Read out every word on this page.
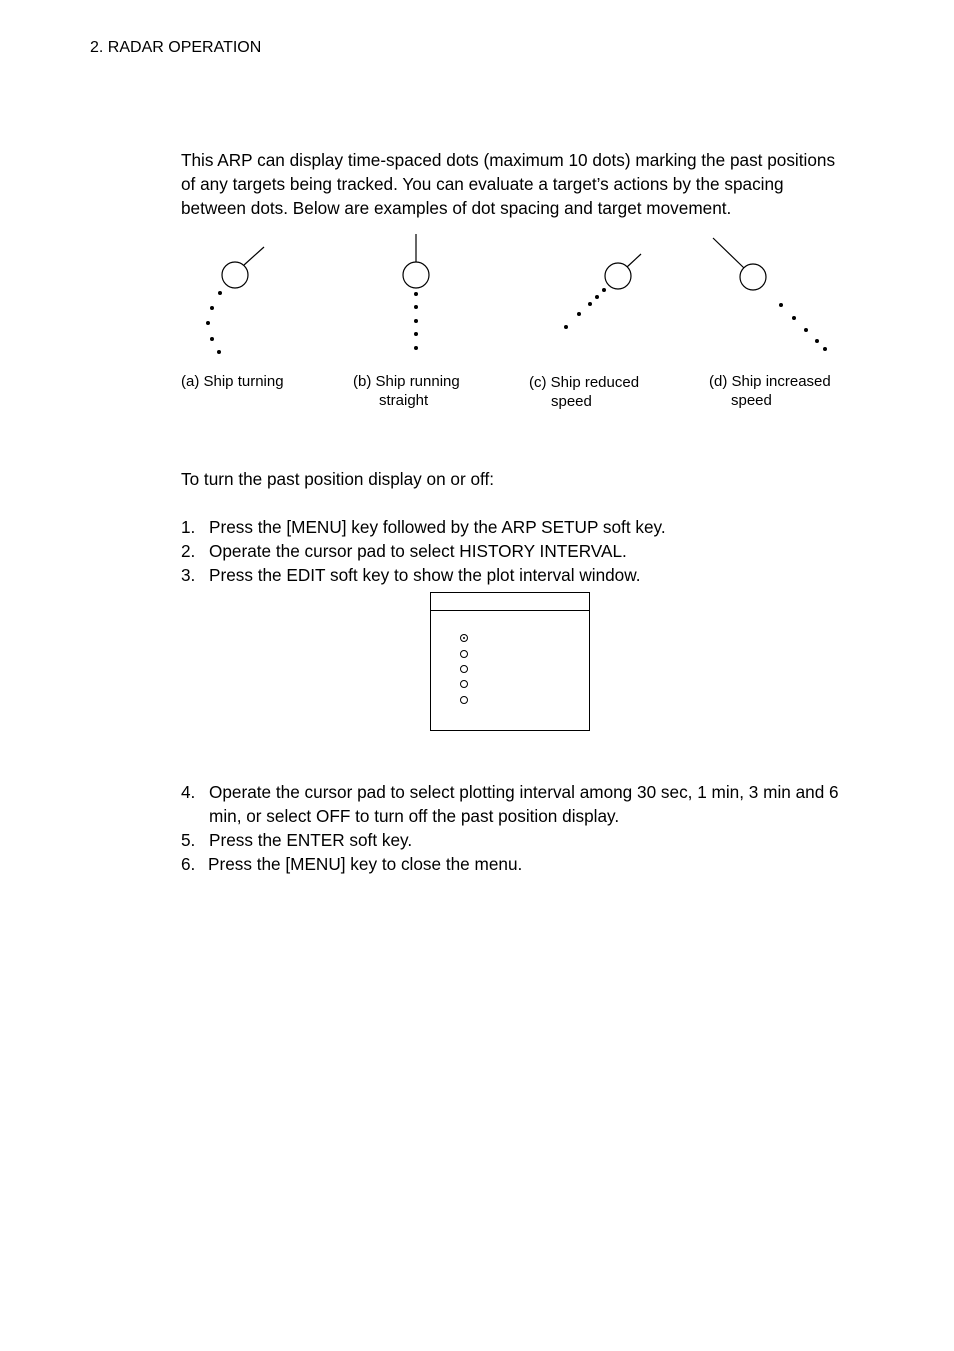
2. RADAR OPERATION
This ARP can display time-spaced dots (maximum 10 dots) marking the past positions of any targets being tracked. You can evaluate a target’s actions by the spacing between dots. Below are examples of dot spacing and target movement.
(a) Ship turning	(b) Ship running
straight
(c) Ship reduced
speed
(d) Ship increased
speed
To turn the past position display on or off:
1. Press the [MENU] key followed by the ARP SETUP soft key.
2. Operate the cursor pad to select HISTORY INTERVAL.
3. Press the EDIT soft key to show the plot interval window.
4. Operate the cursor pad to select plotting interval among 30 sec, 1 min, 3 min and 6 min, or select OFF to turn off the past position display.
5. Press the ENTER soft key.
6. Press the [MENU] key to close the menu.
